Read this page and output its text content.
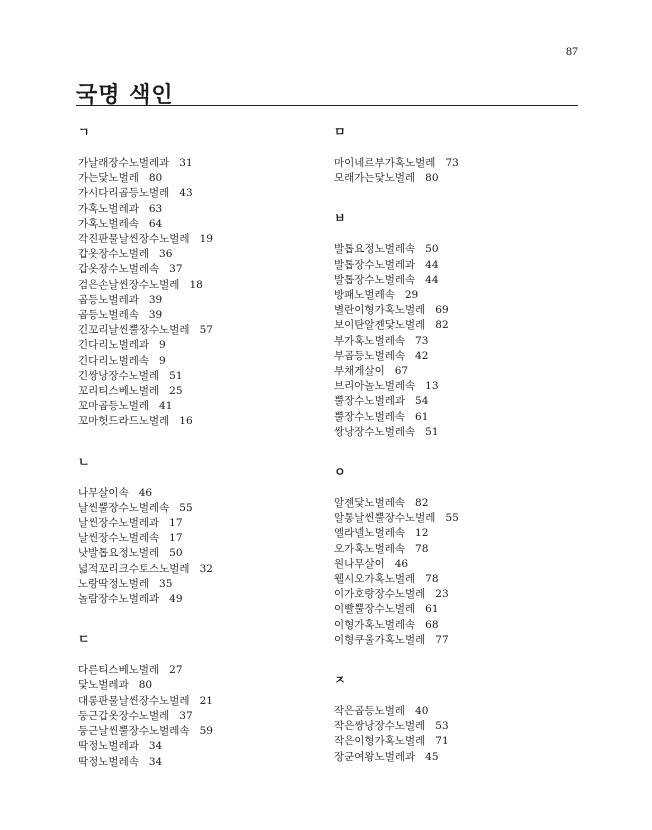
87
국명 색인
ㄱ
가날래장수노벌레과 31
가는닻노벌레 80
가시다리곱등노벌레 43
가혹노벌레과 63
가혹노벌레속 64
각진판물날씬장수노벌레 19
갑옷장수노벌레 36
갑옷장수노벌레속 37
검은손날씬장수노벌레 18
곱등노벌레과 39
곱등노벌레속 39
긴꼬리날씬뿔장수노벌레 57
긴다리노벌레과 9
긴다리노벌레속 9
긴쌍낭장수노벌레 51
꼬리티스베노벌레 25
꼬마곱등노벌레 41
꼬마헛드라드노벌레 16
ㄴ
나무살이속 46
날씬뿔장수노벌레속 55
날씬장수노벌레과 17
날씬장수노벌레속 17
낫발톱요정노벌레 50
넓적꼬리크수토스노벌레 32
노랑딱정노벌레 35
놀람장수노벌레과 49
ㄷ
다른티스베노벌레 27
닻노벌레과 80
대롱판물날씬장수노벌레 21
둥근갑옷장수노벌레 37
둥근날씬뿔장수노벌레속 59
딱정노벌레과 34
딱정노벌레속 34
ㅁ
마이네르부가혹노벌레 73
모래가는닻노벌레 80
ㅂ
발톱요정노벌레속 50
발톱장수노벌레과 44
발톱장수노벌레속 44
방패노벌레속 29
별란이형가혹노벌레 69
보이탄알젠닻노벌레 82
부가혹노벌레속 73
부곱등노벌레속 42
부채게살이 67
브리아놀노벌레속 13
뿔장수노벌레과 54
뿔장수노벌레속 61
쌍낭장수노벌레속 51
ㅇ
알젠닻노벌레속 82
알통날씬뿔장수노벌레 55
엘라넬노벌레속 12
오가혹노벌레속 78
원나무살이 46
웰시오가혹노벌레 78
이가호랑장수노벌레 23
이빨뿔장수노벌레 61
이형가혹노벌레속 68
이형쿠울가혹노벌레 77
ㅈ
작은곱등노벌레 40
작은쌍낭장수노벌레 53
작은이형가혹노벌레 71
장군여왕노벌레과 45
